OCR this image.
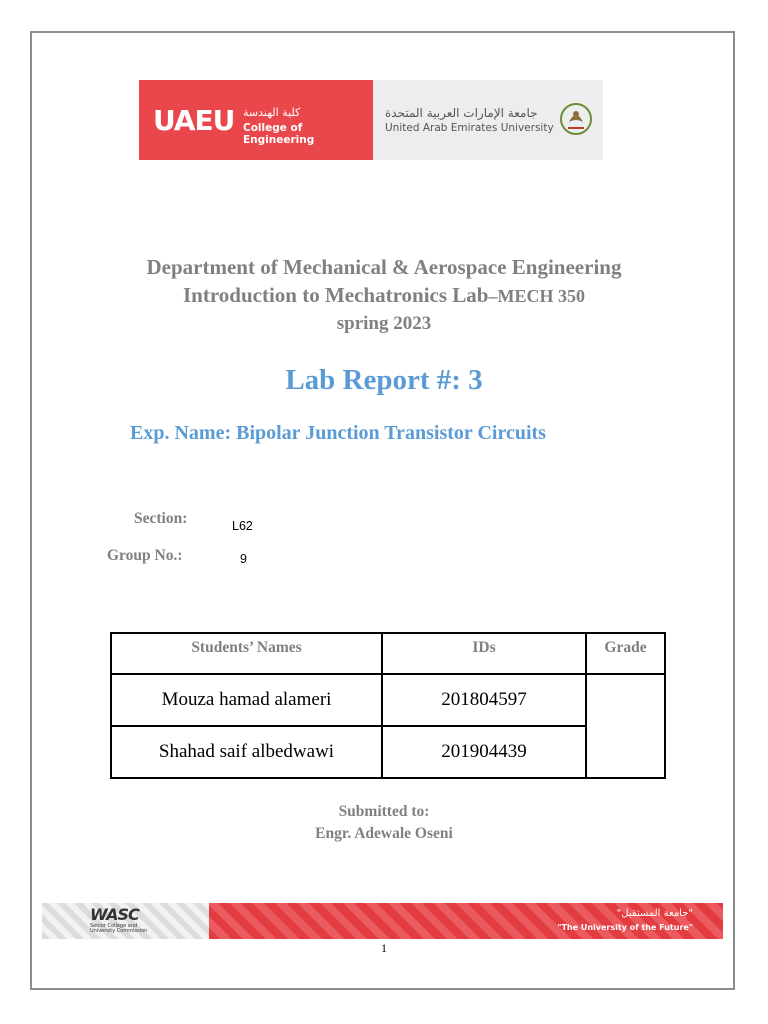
UAEU كلية الهندسة
College of Engineering
جامعة الإمارات العربية المتحدة
United Arab Emirates University
Department of Mechanical & Aerospace Engineering
Introduction to Mechatronics Lab–MECH 350
spring 2023
Lab Report #: 3
Exp. Name: Bipolar Junction Transistor Circuits
Section:	L62
Group No.:	9
Students’ Names	IDs	Grade
Mouza hamad alameri	201804597	
Shahad saif albedwawi	201904439	
Submitted to:
Engr. Adewale Oseni
WASC
Senior College and University Commission
"جامعة المستقبل"
"The University of the Future"
1
